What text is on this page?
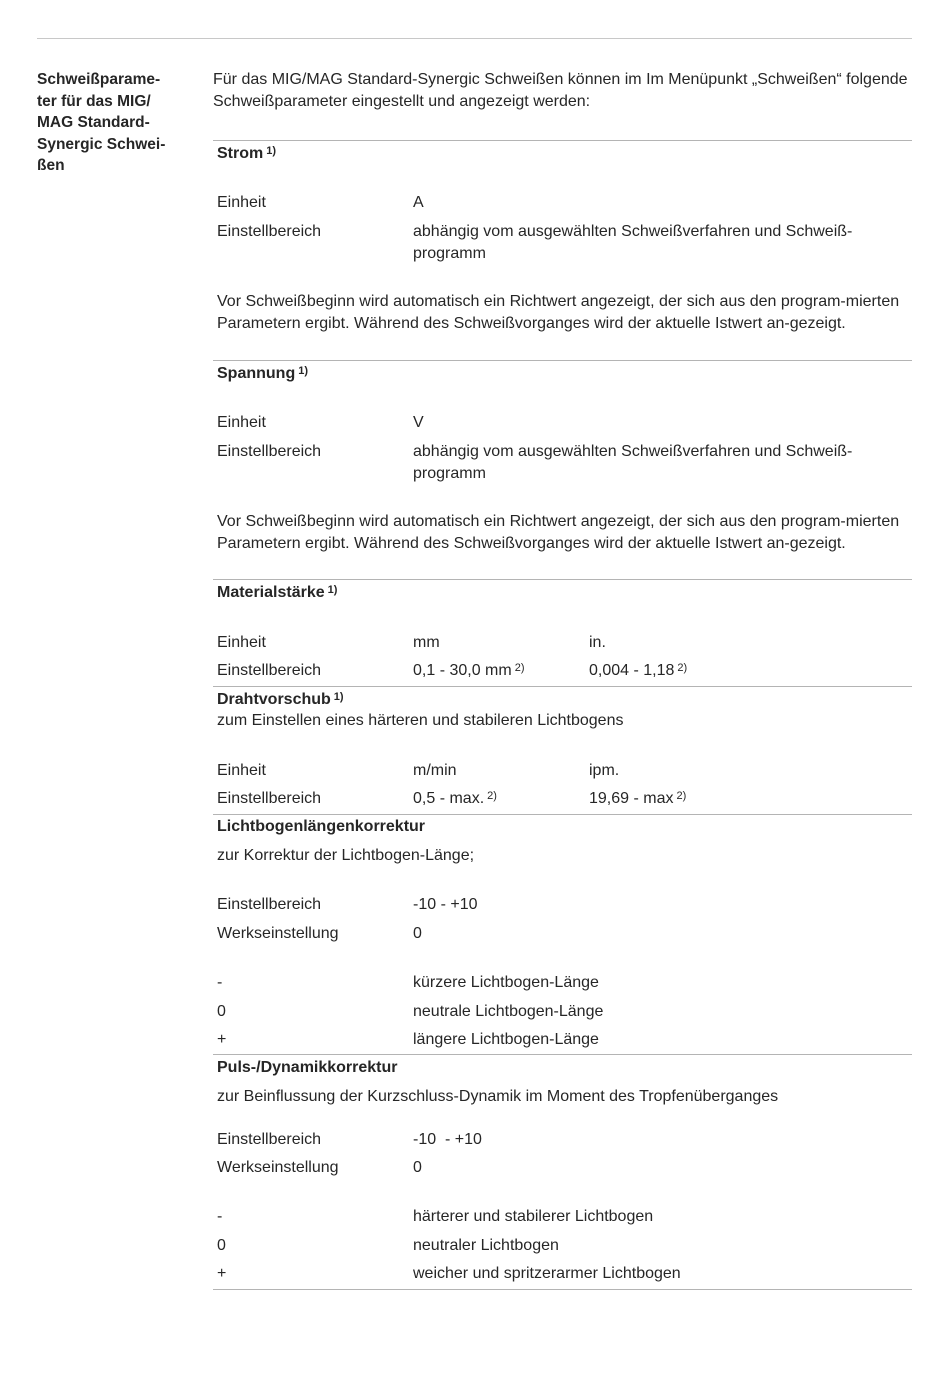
Schweißparame-
ter für das MIG/
MAG Standard-
Synergic Schwei-
ßen
Für das MIG/MAG Standard-Synergic Schweißen können im Im Menüpunkt „Schweißen“ folgende Schweißparameter eingestellt und angezeigt werden:
Strom $^{1)}$
Einheit	A
Einstellbereich	abhängig vom ausgewählten Schweißverfahren und Schweiß-programm
Vor Schweißbeginn wird automatisch ein Richtwert angezeigt, der sich aus den program-mierten Parametern ergibt. Während des Schweißvorganges wird der aktuelle Istwert an-gezeigt.
Spannung $^{1)}$
Einheit	V
Einstellbereich	abhängig vom ausgewählten Schweißverfahren und Schweiß-programm
Vor Schweißbeginn wird automatisch ein Richtwert angezeigt, der sich aus den program-mierten Parametern ergibt. Während des Schweißvorganges wird der aktuelle Istwert an-gezeigt.
Materialstärke $^{1)}$
Einheit	mm	in.
Einstellbereich	0,1 - 30,0 mm $^{2)}$	0,004 - 1,18 $^{2)}$
Drahtvorschub $^{1)}$
zum Einstellen eines härteren und stabileren Lichtbogens
Einheit	m/min	ipm.
Einstellbereich	0,5 - max. $^{2)}$	19,69 - max $^{2)}$
Lichtbogenlängenkorrektur
zur Korrektur der Lichtbogen-Länge;
Einstellbereich	-10 - +10
Werkseinstellung	0
-	kürzere Lichtbogen-Länge
0	neutrale Lichtbogen-Länge
+	längere Lichtbogen-Länge
Puls-/Dynamikkorrektur
zur Beinflussung der Kurzschluss-Dynamik im Moment des Tropfenüberganges
Einstellbereich	-10  - +10
Werkseinstellung	0
-	härterer und stabilerer Lichtbogen
0	neutraler Lichtbogen
+	weicher und spritzerarmer Lichtbogen
